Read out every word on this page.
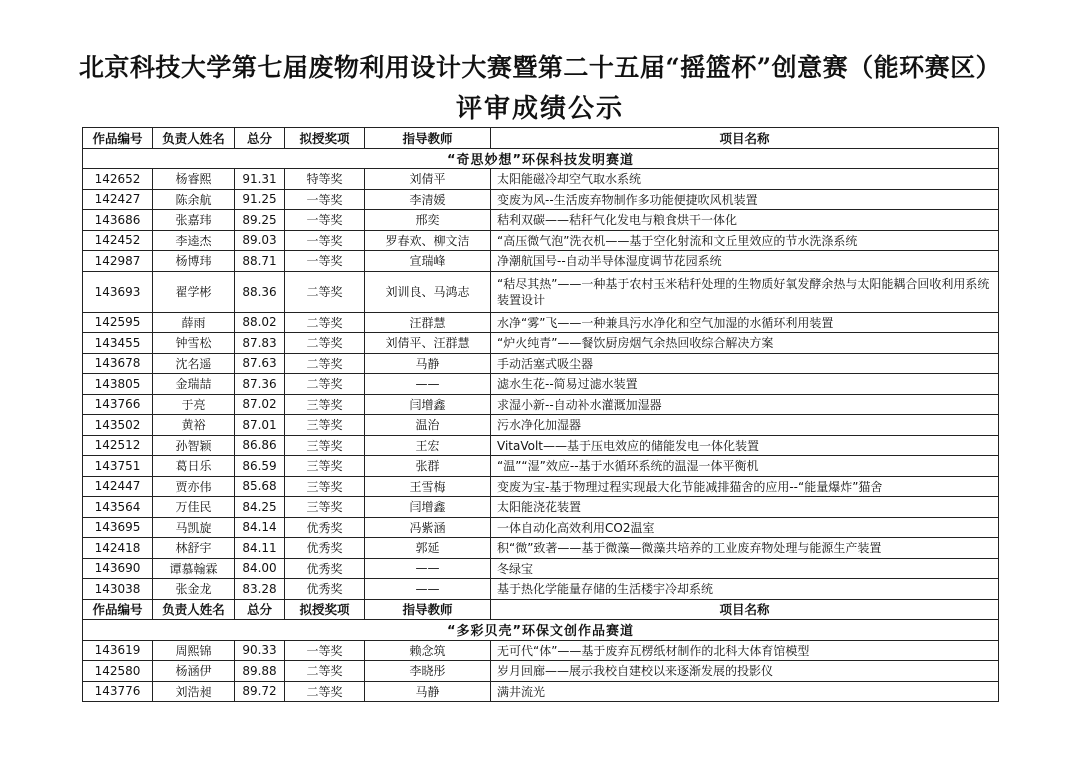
北京科技大学第七届废物利用设计大赛暨第二十五届“摇篮杯”创意赛（能环赛区）
评审成绩公示
作品编号	负责人姓名	总分	拟授奖项	指导教师	项目名称
“奇思妙想”环保科技发明赛道					
142652	杨睿熙	91.31	特等奖	刘倩平	太阳能磁冷却空气取水系统
142427	陈余航	91.25	一等奖	李清媛	变废为风--生活废弃物制作多功能便捷吹风机装置
143686	张嘉玮	89.25	一等奖	邢奕	秸利双碳——秸秆气化发电与粮食烘干一体化
142452	李逵杰	89.03	一等奖	罗春欢、柳文洁	“高压微气泡”洗衣机——基于空化射流和文丘里效应的节水洗涤系统
142987	杨博玮	88.71	一等奖	宣瑞峰	净潮航国号--自动半导体湿度调节花园系统
143693	翟学彬	88.36	二等奖	刘训良、马鸿志	“秸尽其热”——一种基于农村玉米秸秆处理的生物质好氧发酵余热与太阳能耦合回收利用系统装置设计
142595	薛雨	88.02	二等奖	汪群慧	水净“雾”飞——一种兼具污水净化和空气加湿的水循环利用装置
143455	钟雪松	87.83	二等奖	刘倩平、汪群慧	“炉火纯青”——餐饮厨房烟气余热回收综合解决方案
143678	沈名遥	87.63	二等奖	马静	手动活塞式吸尘器
143805	金瑞喆	87.36	二等奖	——	滤水生花--简易过滤水装置
143766	于亮	87.02	三等奖	闫增鑫	求湿小新--自动补水灌溉加湿器
143502	黄裕	87.01	三等奖	温治	污水净化加湿器
142512	孙智颖	86.86	三等奖	王宏	VitaVolt——基于压电效应的储能发电一体化装置
143751	葛日乐	86.59	三等奖	张群	“温”“湿”效应--基于水循环系统的温湿一体平衡机
142447	贾亦伟	85.68	三等奖	王雪梅	变废为宝-基于物理过程实现最大化节能减排猫舍的应用--“能量爆炸”猫舍
143564	万佳民	84.25	三等奖	闫增鑫	太阳能浇花装置
143695	马凯旋	84.14	优秀奖	冯紫涵	一体自动化高效利用CO2温室
142418	林舒宇	84.11	优秀奖	郭延	积“微”致著——基于微藻—微藻共培养的工业废弃物处理与能源生产装置
143690	谭慕翰霖	84.00	优秀奖	——	冬绿宝
143038	张金龙	83.28	优秀奖	——	基于热化学能量存储的生活楼宇冷却系统
作品编号	负责人姓名	总分	拟授奖项	指导教师	项目名称
“多彩贝壳”环保文创作品赛道					
143619	周熙锦	90.33	一等奖	赖念筑	无可代“体”——基于废弃瓦楞纸材制作的北科大体育馆模型
142580	杨涵伊	89.88	二等奖	李晓彤	岁月回廊——展示我校自建校以来逐渐发展的投影仪
143776	刘浩昶	89.72	二等奖	马静	满井流光
